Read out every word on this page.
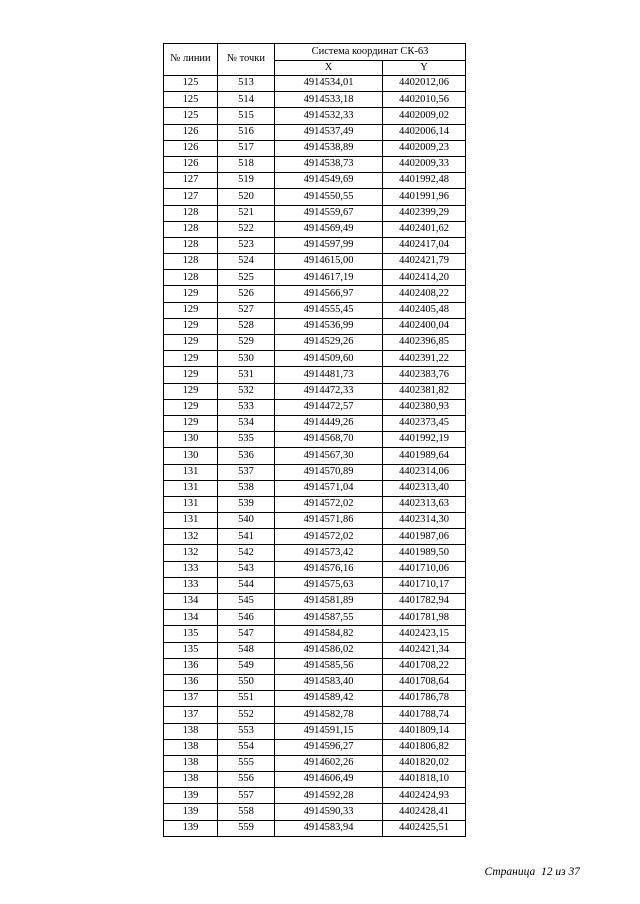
№ линии	№ точки	Система координат СК-63	
		X	Y
125	513	4914534,01	4402012,06
125	514	4914533,18	4402010,56
125	515	4914532,33	4402009,02
126	516	4914537,49	4402006,14
126	517	4914538,89	4402009,23
126	518	4914538,73	4402009,33
127	519	4914549,69	4401992,48
127	520	4914550,55	4401991,96
128	521	4914559,67	4402399,29
128	522	4914569,49	4402401,62
128	523	4914597,99	4402417,04
128	524	4914615,00	4402421,79
128	525	4914617,19	4402414,20
129	526	4914566,97	4402408,22
129	527	4914555,45	4402405,48
129	528	4914536,99	4402400,04
129	529	4914529,26	4402396,85
129	530	4914509,60	4402391,22
129	531	4914481,73	4402383,76
129	532	4914472,33	4402381,82
129	533	4914472,57	4402380,93
129	534	4914449,26	4402373,45
130	535	4914568,70	4401992,19
130	536	4914567,30	4401989,64
131	537	4914570,89	4402314,06
131	538	4914571,04	4402313,40
131	539	4914572,02	4402313,63
131	540	4914571,86	4402314,30
132	541	4914572,02	4401987,06
132	542	4914573,42	4401989,50
133	543	4914576,16	4401710,06
133	544	4914575,63	4401710,17
134	545	4914581,89	4401782,94
134	546	4914587,55	4401781,98
135	547	4914584,82	4402423,15
135	548	4914586,02	4402421,34
136	549	4914585,56	4401708,22
136	550	4914583,40	4401708,64
137	551	4914589,42	4401786,78
137	552	4914582,78	4401788,74
138	553	4914591,15	4401809,14
138	554	4914596,27	4401806,82
138	555	4914602,26	4401820,02
138	556	4914606,49	4401818,10
139	557	4914592,28	4402424,93
139	558	4914590,33	4402428,41
139	559	4914583,94	4402425,51
Страница  12 из 37
